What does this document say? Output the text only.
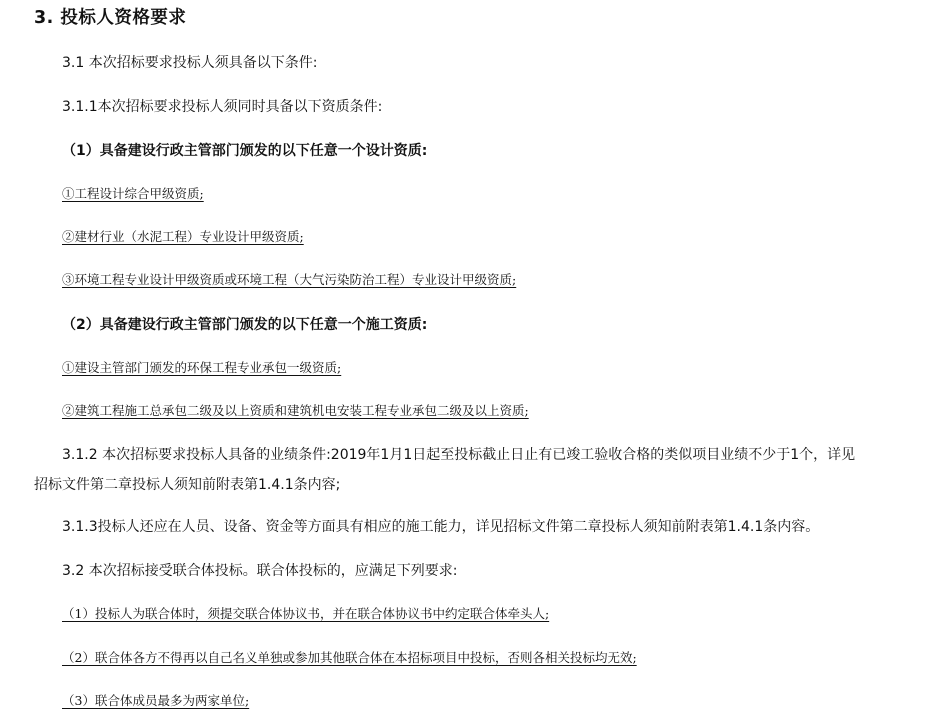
3. 投标人资格要求
3.1 本次招标要求投标人须具备以下条件:
3.1.1本次招标要求投标人须同时具备以下资质条件:
（1）具备建设行政主管部门颁发的以下任意一个设计资质:
①工程设计综合甲级资质;
②建材行业（水泥工程）专业设计甲级资质;
③环境工程专业设计甲级资质或环境工程（大气污染防治工程）专业设计甲级资质;
（2）具备建设行政主管部门颁发的以下任意一个施工资质:
①建设主管部门颁发的环保工程专业承包一级资质;
②建筑工程施工总承包二级及以上资质和建筑机电安装工程专业承包二级及以上资质;
3.1.2 本次招标要求投标人具备的业绩条件:2019年1月1日起至投标截止日止有已竣工验收合格的类似项目业绩不少于1个，详见招标文件第二章投标人须知前附表第1.4.1条内容;
3.1.3投标人还应在人员、设备、资金等方面具有相应的施工能力，详见招标文件第二章投标人须知前附表第1.4.1条内容。
3.2 本次招标接受联合体投标。联合体投标的，应满足下列要求:
（1）投标人为联合体时，须提交联合体协议书，并在联合体协议书中约定联合体牵头人;
（2）联合体各方不得再以自己名义单独或参加其他联合体在本招标项目中投标，否则各相关投标均无效;
（3）联合体成员最多为两家单位;
